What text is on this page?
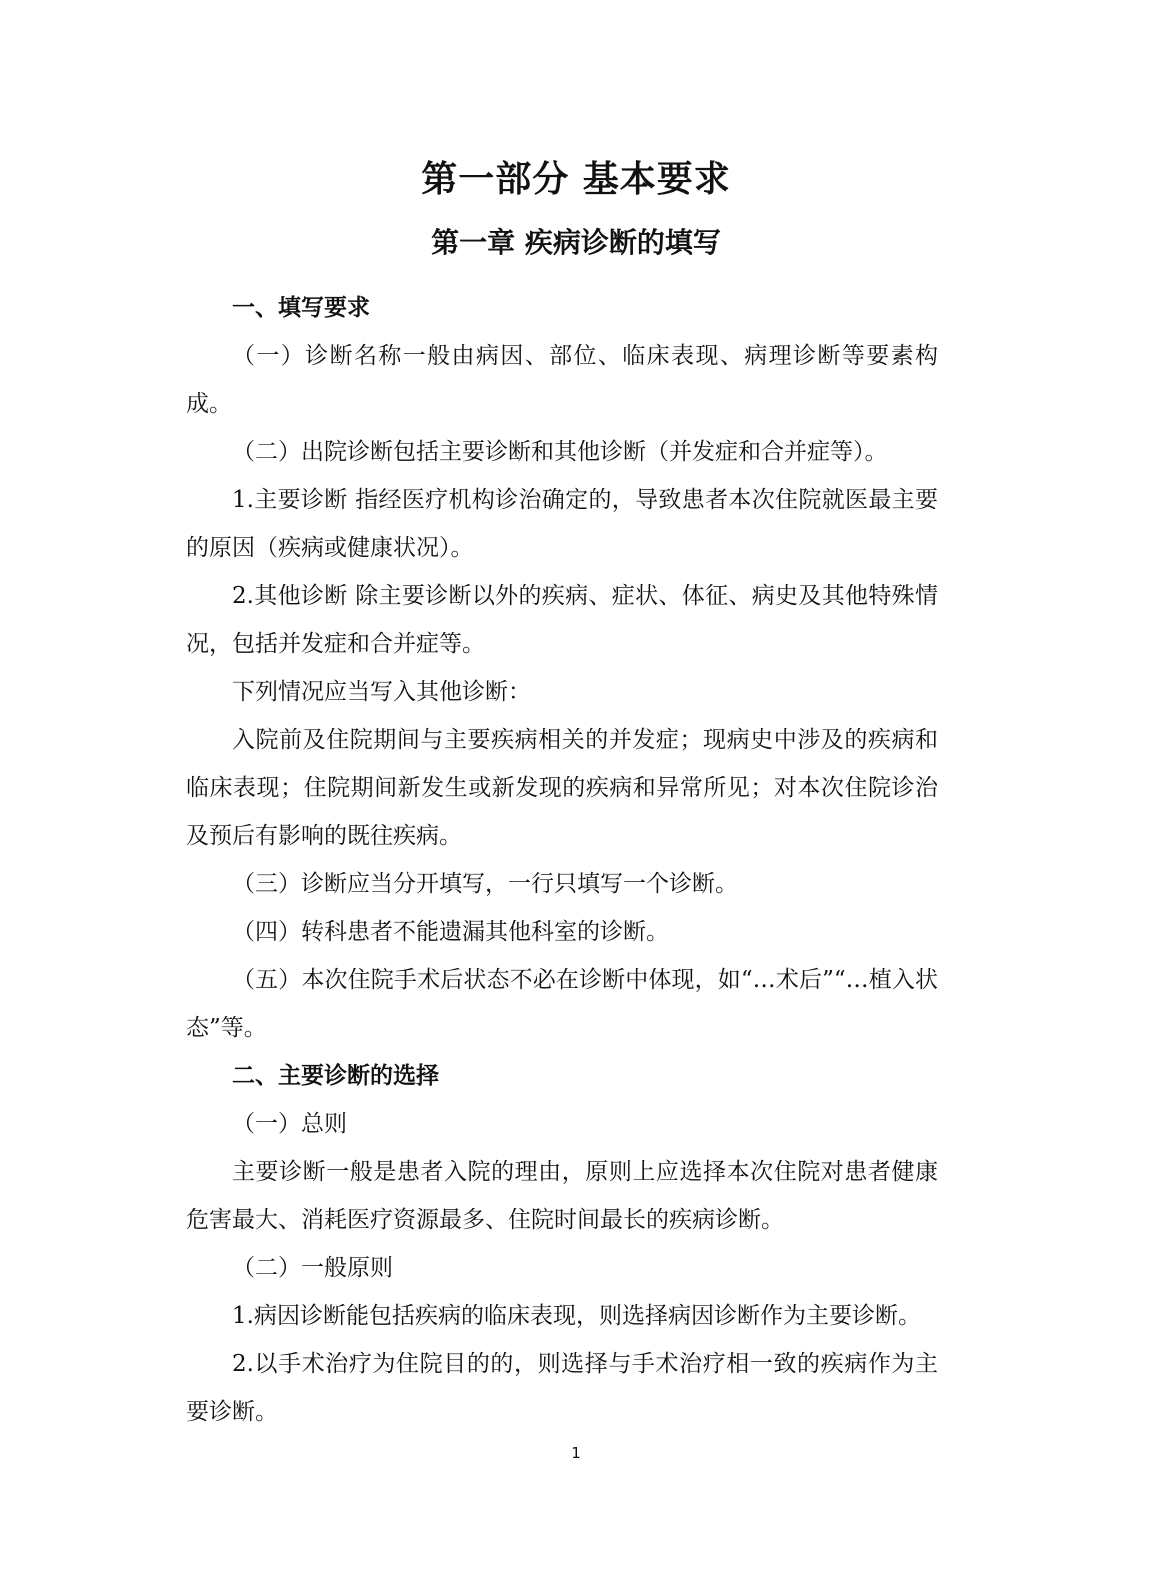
第一部分 基本要求
第一章 疾病诊断的填写

一、填写要求

（一）诊断名称一般由病因、部位、临床表现、病理诊断等要素构成。

（二）出院诊断包括主要诊断和其他诊断（并发症和合并症等）。

1.主要诊断 指经医疗机构诊治确定的，导致患者本次住院就医最主要的原因（疾病或健康状况）。

2.其他诊断 除主要诊断以外的疾病、症状、体征、病史及其他特殊情况，包括并发症和合并症等。

下列情况应当写入其他诊断：

入院前及住院期间与主要疾病相关的并发症；现病史中涉及的疾病和临床表现；住院期间新发生或新发现的疾病和异常所见；对本次住院诊治及预后有影响的既往疾病。

（三）诊断应当分开填写，一行只填写一个诊断。

（四）转科患者不能遗漏其他科室的诊断。

（五）本次住院手术后状态不必在诊断中体现，如“…术后”“…植入状态”等。

二、主要诊断的选择

（一）总则

主要诊断一般是患者入院的理由，原则上应选择本次住院对患者健康危害最大、消耗医疗资源最多、住院时间最长的疾病诊断。

（二）一般原则

1.病因诊断能包括疾病的临床表现，则选择病因诊断作为主要诊断。

2.以手术治疗为住院目的的，则选择与手术治疗相一致的疾病作为主要诊断。

1
